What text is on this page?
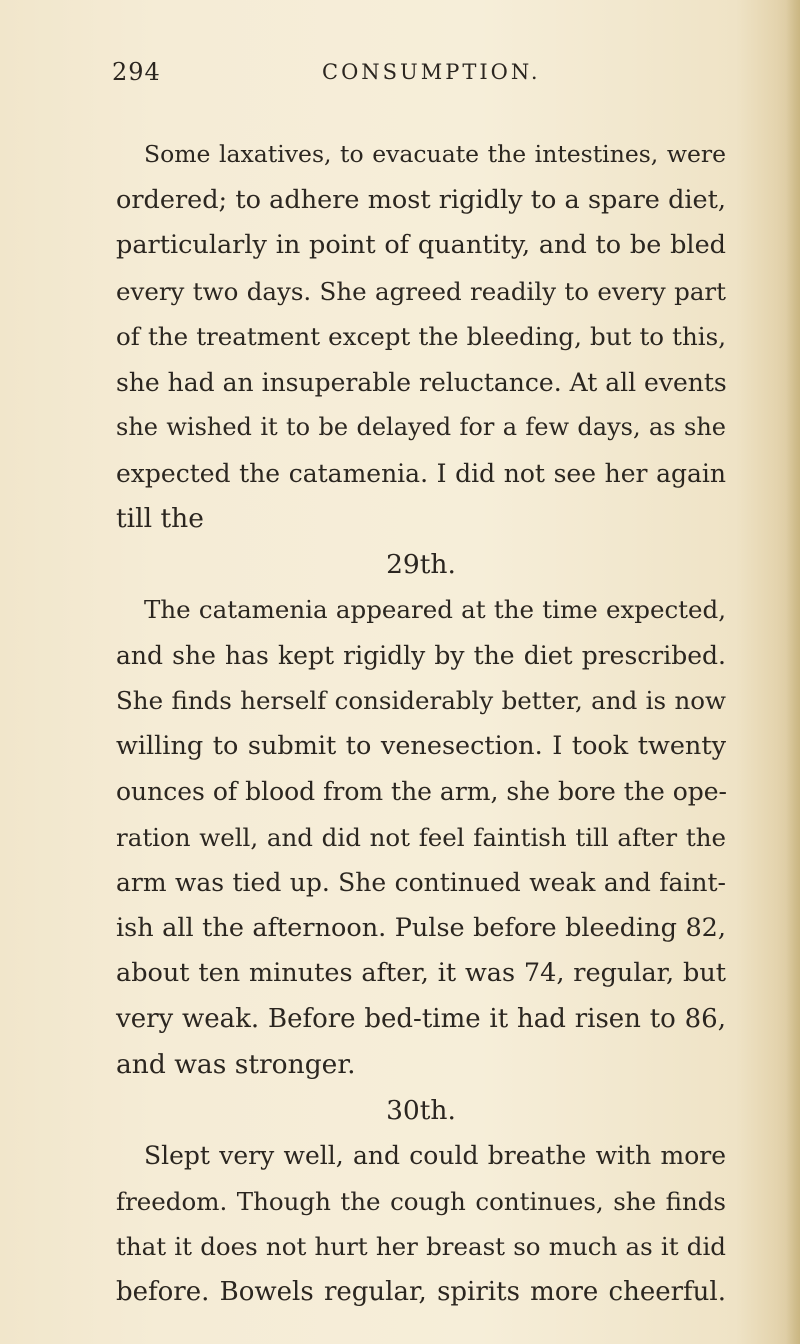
294	CONSUMPTION.
Some laxatives, to evacuate the intestines, were
ordered; to adhere most rigidly to a spare diet,
particularly in point of quantity, and to be bled
every two days. She agreed readily to every part
of the treatment except the bleeding, but to this,
she had an insuperable reluctance. At all events
she wished it to be delayed for a few days, as she
expected the catamenia. I did not see her again
till the
29th.
The catamenia appeared at the time expected,
and she has kept rigidly by the diet prescribed.
She finds herself considerably better, and is now
willing to submit to venesection. I took twenty
ounces of blood from the arm, she bore the ope-
ration well, and did not feel faintish till after the
arm was tied up. She continued weak and faint-
ish all the afternoon. Pulse before bleeding 82,
about ten minutes after, it was 74, regular, but
very weak. Before bed-time it had risen to 86,
and was stronger.
30th.
Slept very well, and could breathe with more
freedom. Though the cough continues, she finds
that it does not hurt her breast so much as it did
before. Bowels regular, spirits more cheerful.
